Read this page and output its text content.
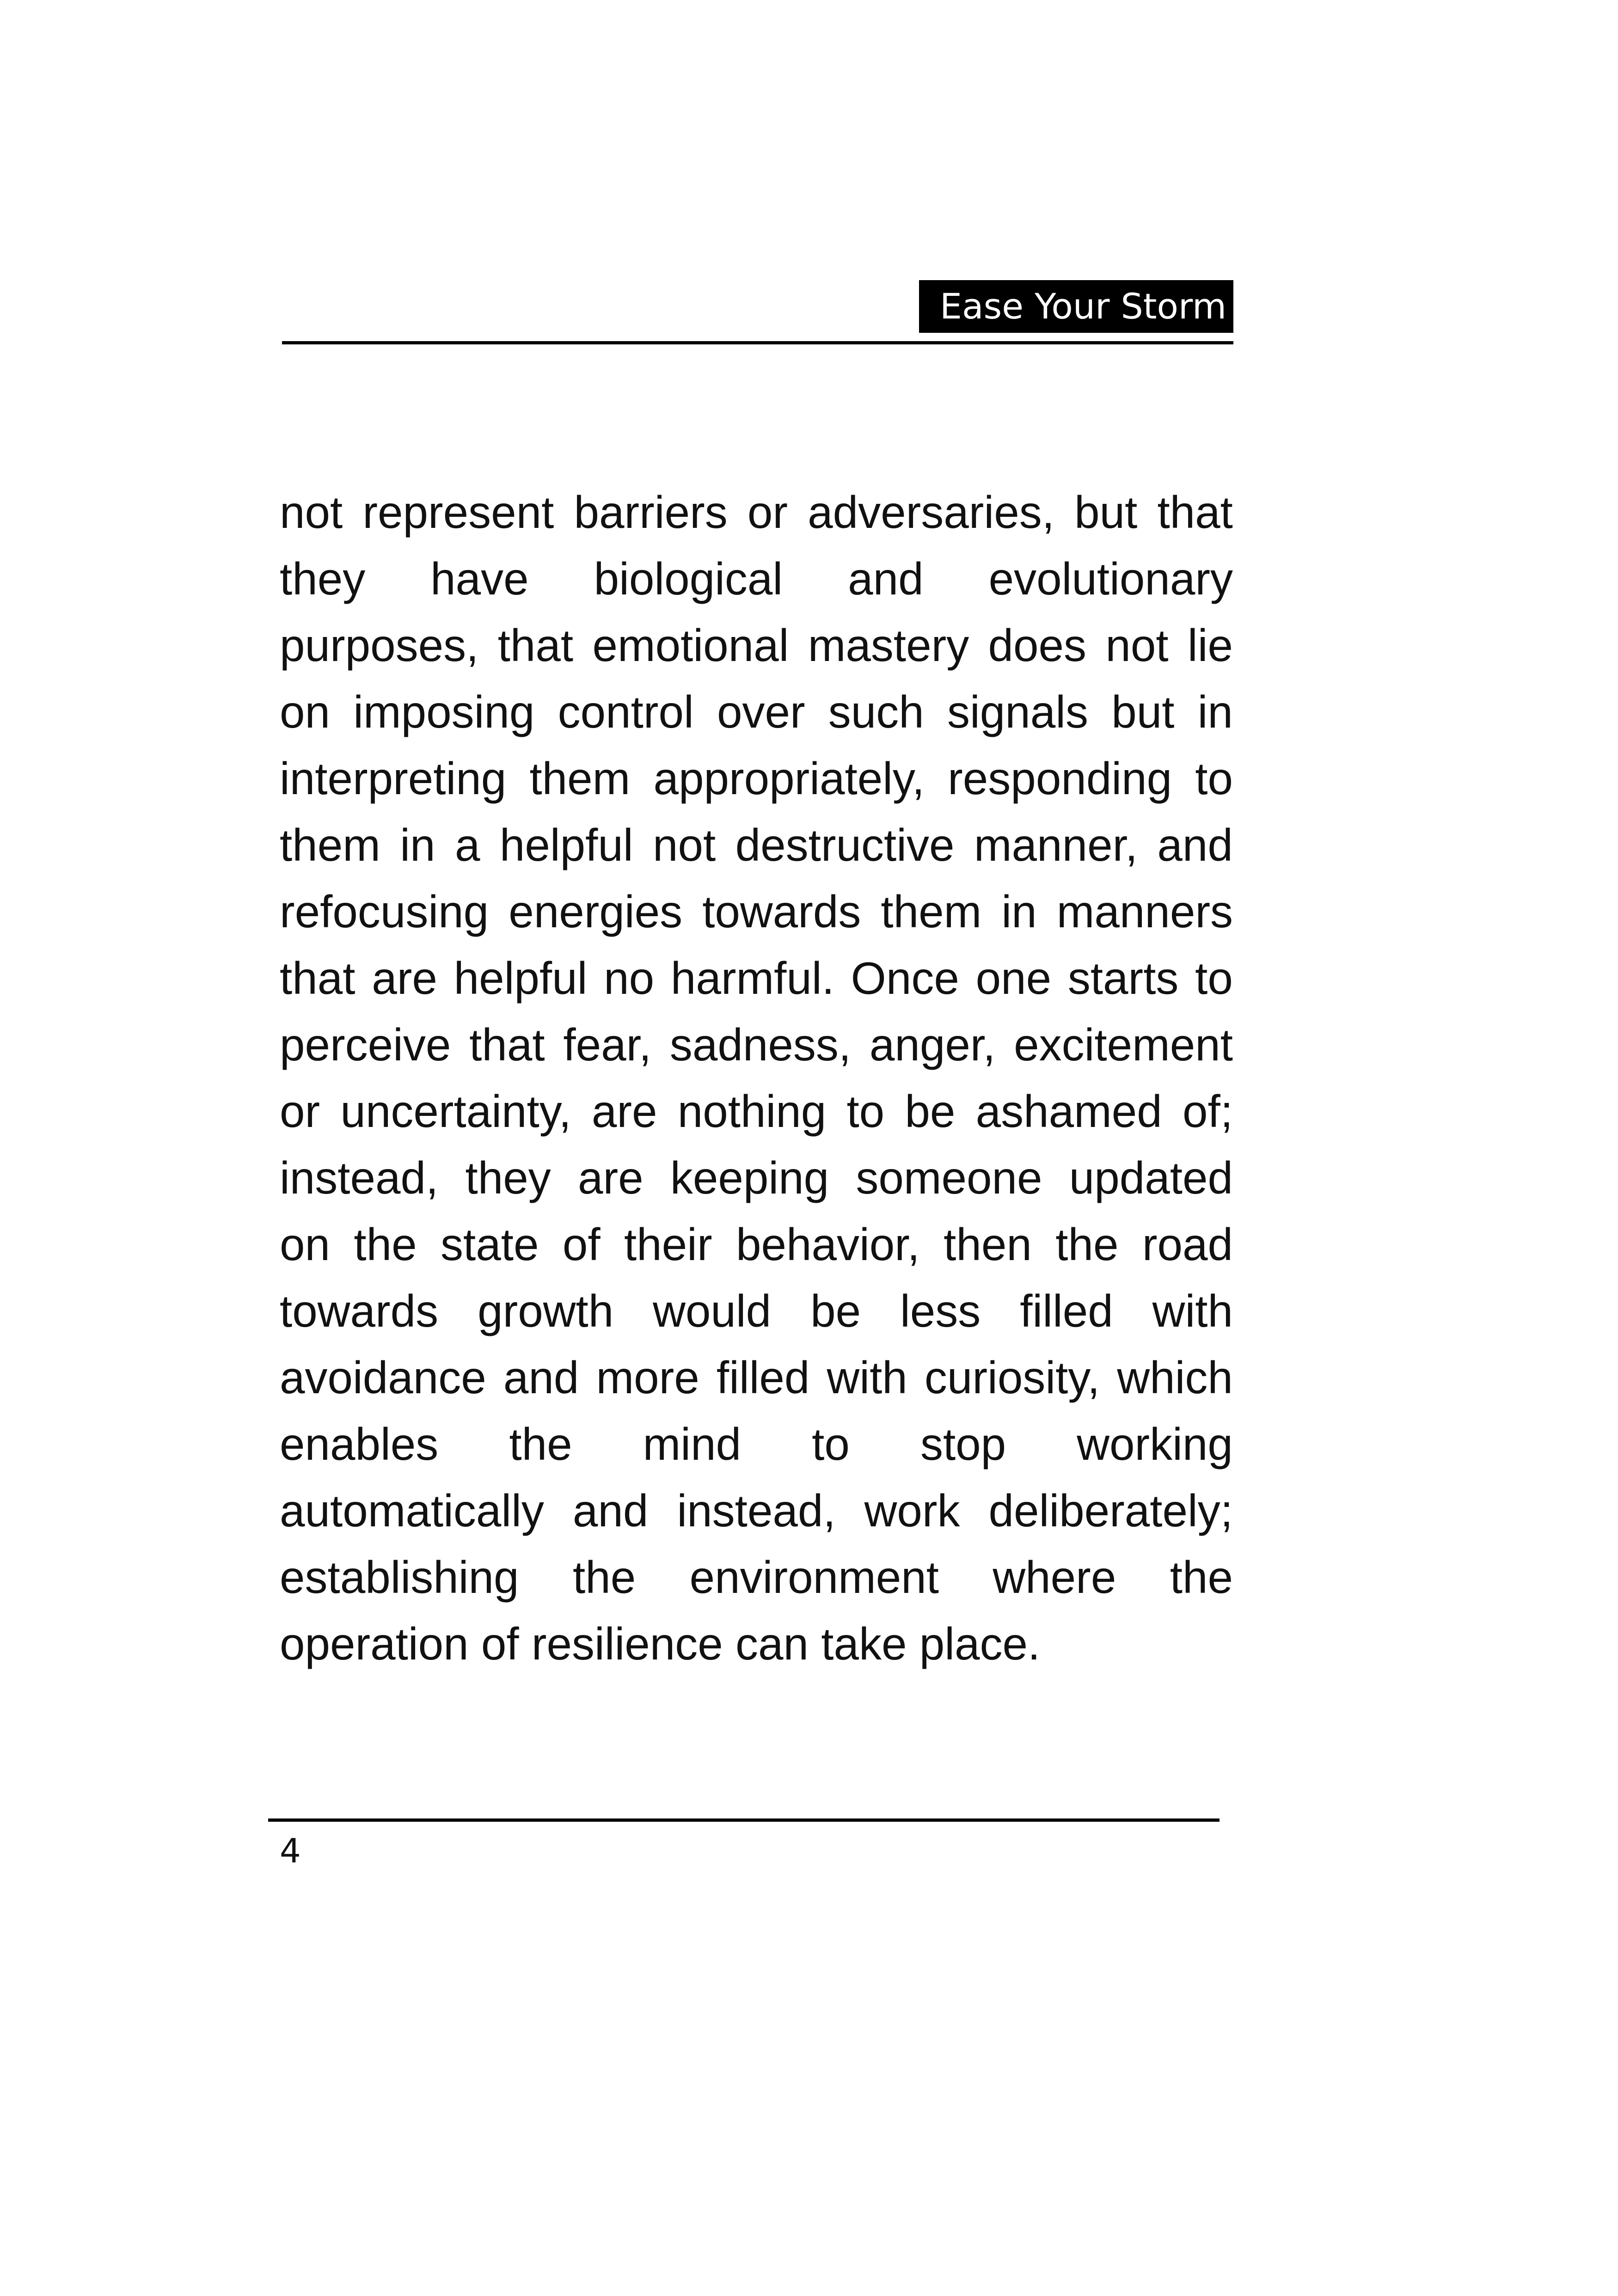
Ease Your Storm
not represent barriers or adversaries, but that
they have biological and evolutionary
purposes, that emotional mastery does not lie
on imposing control over such signals but in
interpreting them appropriately, responding to
them in a helpful not destructive manner, and
refocusing energies towards them in manners
that are helpful no harmful. Once one starts to
perceive that fear, sadness, anger, excitement
or uncertainty, are nothing to be ashamed of;
instead, they are keeping someone updated
on the state of their behavior, then the road
towards growth would be less filled with
avoidance and more filled with curiosity, which
enables the mind to stop working
automatically and instead, work deliberately;
establishing the environment where the
operation of resilience can take place.
4
